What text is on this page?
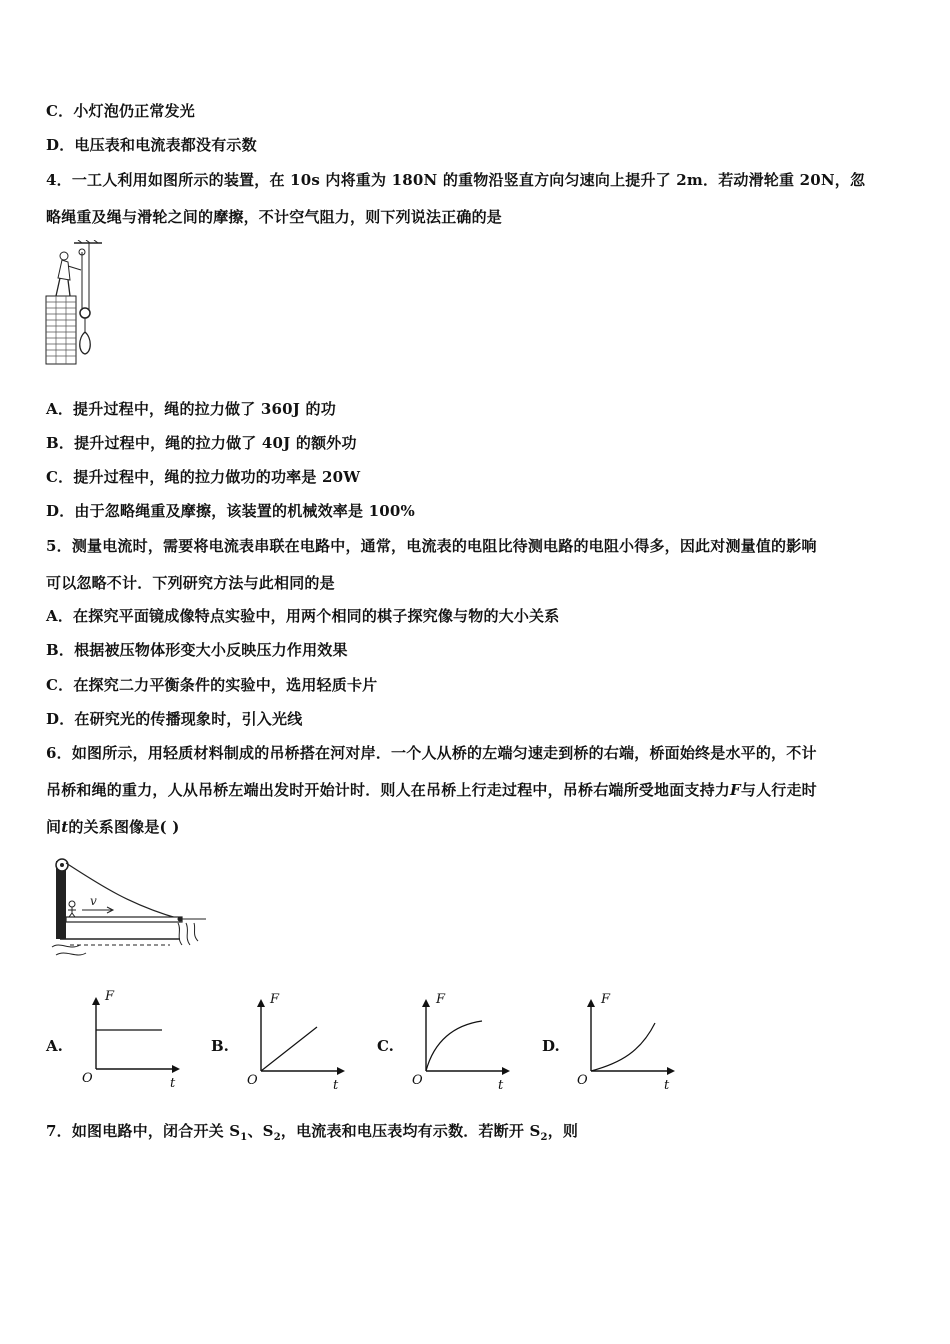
C．小灯泡仍正常发光
D．电压表和电流表都没有示数
4．一工人利用如图所示的装置，在 10s 内将重为 180N 的重物沿竖直方向匀速向上提升了 2m．若动滑轮重 20N，忽
略绳重及绳与滑轮之间的摩擦，不计空气阻力，则下列说法正确的是
A．提升过程中，绳的拉力做了 360J 的功
B．提升过程中，绳的拉力做了 40J 的额外功
C．提升过程中，绳的拉力做功的功率是 20W
D．由于忽略绳重及摩擦，该装置的机械效率是 100%
5．测量电流时，需要将电流表串联在电路中，通常，电流表的电阻比待测电路的电阻小得多，因此对测量值的影响
可以忽略不计．下列研究方法与此相同的是
A．在探究平面镜成像特点实验中，用两个相同的棋子探究像与物的大小关系
B．根据被压物体形变大小反映压力作用效果
C．在探究二力平衡条件的实验中，选用轻质卡片
D．在研究光的传播现象时，引入光线
6．如图所示，用轻质材料制成的吊桥搭在河对岸．一个人从桥的左端匀速走到桥的右端，桥面始终是水平的，不计
吊桥和绳的重力，人从吊桥左端出发时开始计时．则人在吊桥上行走过程中，吊桥右端所受地面支持力F与人行走时
间t的关系图像是( )
v
A.
F
t
O
B.
F
t
O
C.
F
t
O
D.
F
t
O
7．如图电路中，闭合开关 $S_1$、$S_2$，电流表和电压表均有示数．若断开 $S_2$，则
